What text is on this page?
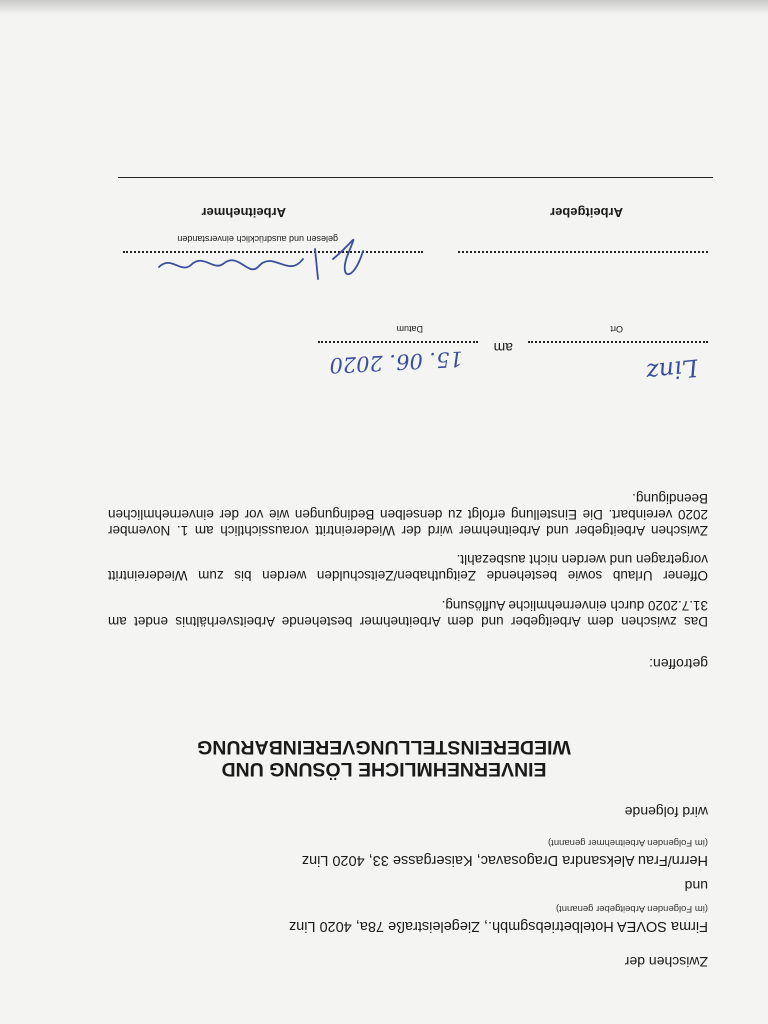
Zwischen der

Firma SOVEA Hotelbetriebsgmbh., Ziegeleistraße 78a, 4020 Linz

(im Folgenden Arbeitgeber genannt)

und

Herrn/Frau Aleksandra Dragosavac, Kaisergasse 33, 4020 Linz

(im Folgenden Arbeitnehmer genannt)

wird folgende

EINVERNEHMLICHE LÖSUNG UND
WIEDEREINSTELLUNGVEREINBARUNG

getroffen:

Das zwischen dem Arbeitgeber und dem Arbeitnehmer bestehende Arbeitsverhältnis endet am 31.7.2020 durch einvernehmliche Auflösung.

Offener Urlaub sowie bestehende Zeitguthaben/Zeitschulden werden bis zum Wiedereintritt vorgetragen und werden nicht ausbezahlt.

Zwischen Arbeitgeber und Arbeitnehmer wird der Wiedereintritt voraussichtlich am 1. November 2020 vereinbart. Die Einstellung erfolgt zu denselben Bedingungen wie vor der einvernehmlichen Beendigung.

Linz

am

15. 06. 2020

Ort

Datum

gelesen und ausdrücklich einverstanden

Arbeitgeber

Arbeitnehmer
